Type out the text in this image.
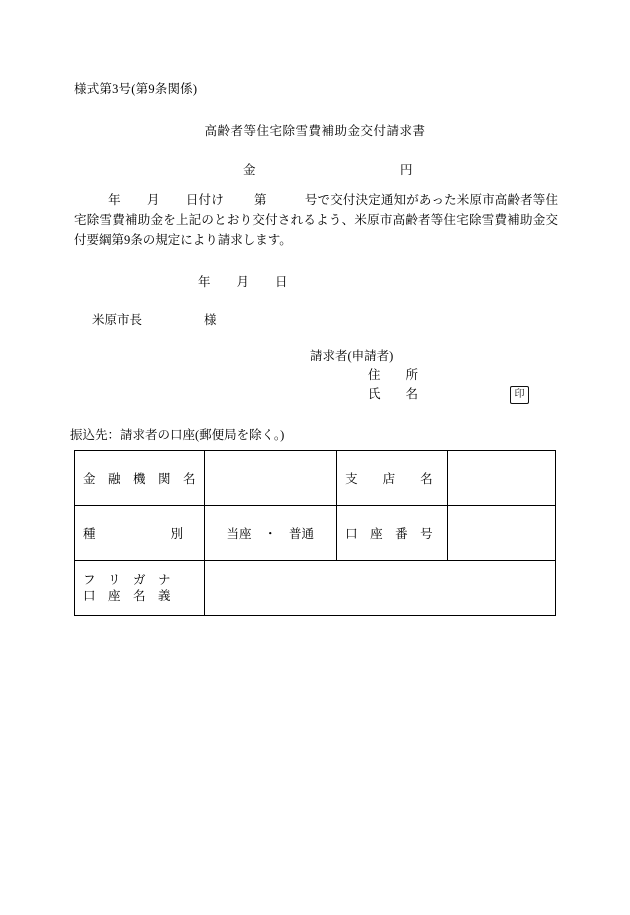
様式第3号(第9条関係)
高齢者等住宅除雪費補助金交付請求書
金	円
年 月 日付け 第	号で交付決定通知があった米原市高齢者等住宅除雪費補助金を上記のとおり交付されるよう、米原市高齢者等住宅除雪費補助金交付要綱第9条の規定により請求します。
年 月 日
米原市長	様
請求者(申請者)
住　　所
氏　　名	印
振込先：請求者の口座(郵便局を除く。)
金　融　機　関　名		支　　店　　名	
種　　　　　　別	当座　・　普通	口　座　番　号	

フ　リ　ガ　ナ
口　座　名　義			
